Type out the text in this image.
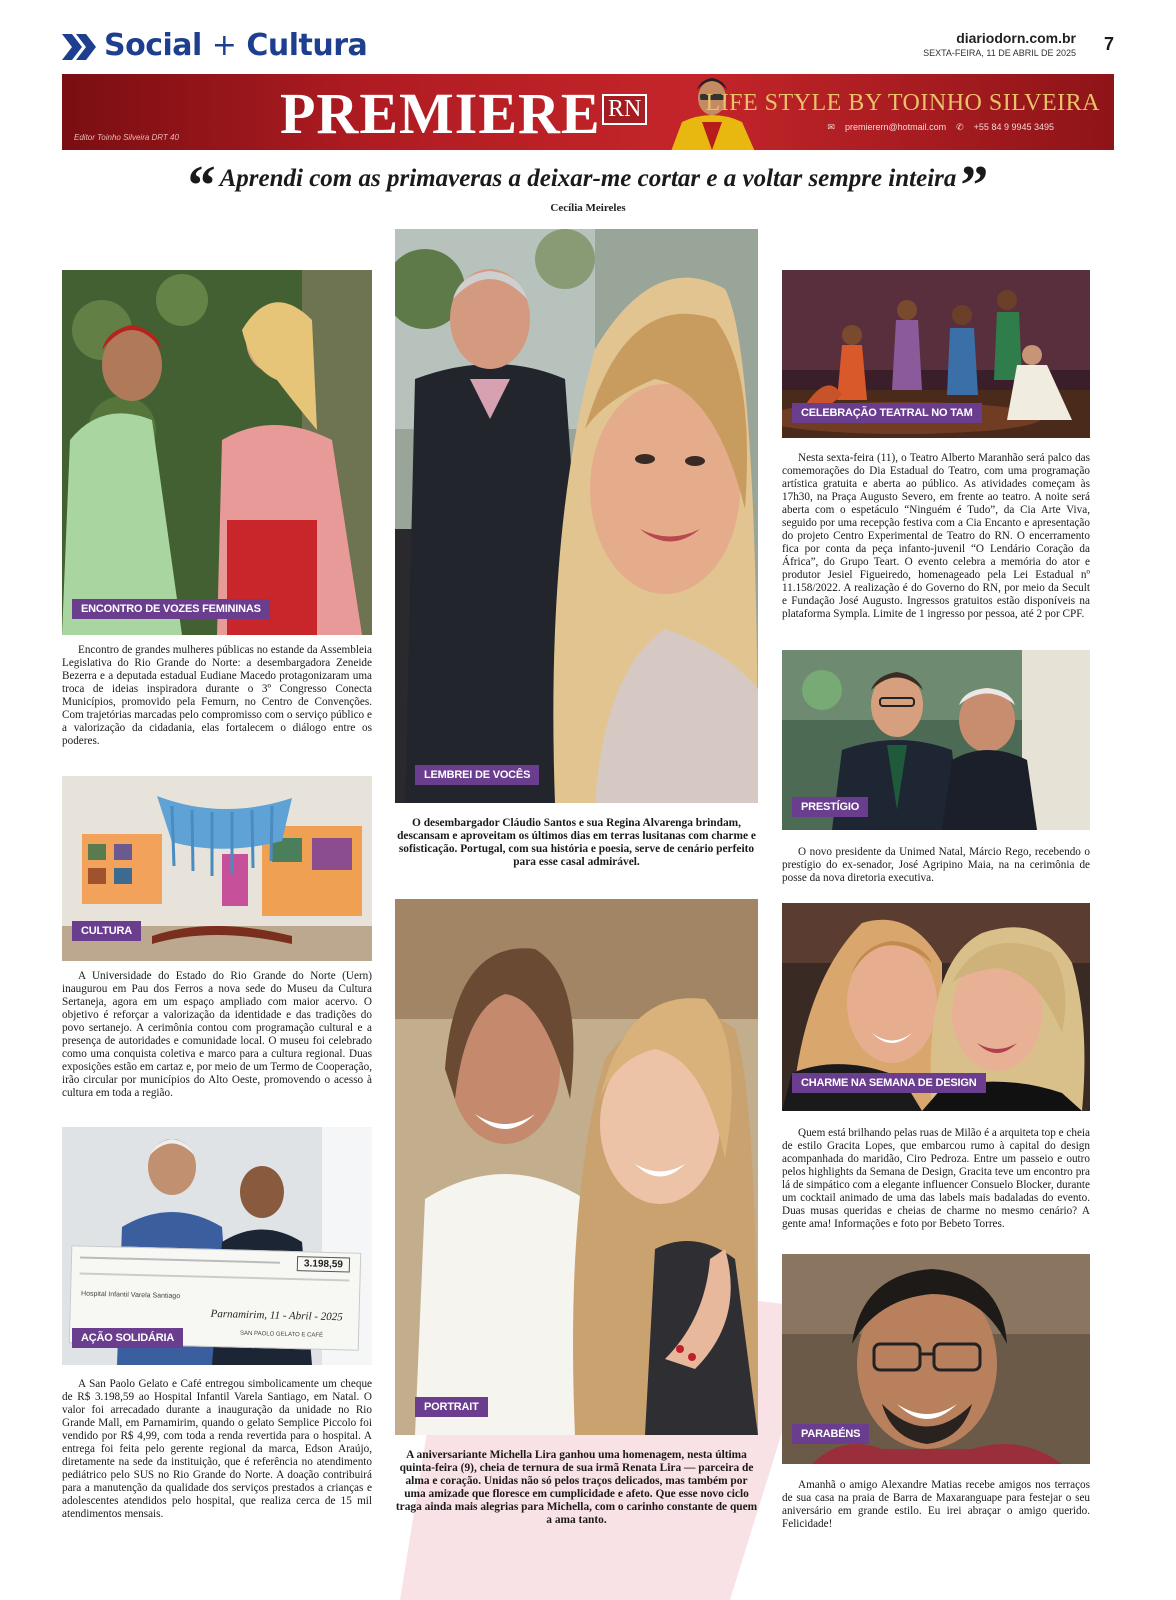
Social + Cultura	diariodorn.com.br
SEXTA-FEIRA, 11 DE ABRIL DE 2025 7
Editor Toinho Silveira DRT 40 PREMIERE RN	LIFE STYLE BY TOINHO SILVEIRA
✉ premierern@hotmail.com ✆ +55 84 9 9945 3495
“ Aprendi com as primaveras a deixar-me cortar e a voltar sempre inteira ”
Cecília Meireles
ENCONTRO DE VOZES FEMININAS
Encontro de grandes mulheres públicas no estande da Assembleia Legislativa do Rio Grande do Norte: a desembargadora Zeneide Bezerra e a deputada estadual Eudiane Macedo protagonizaram uma troca de ideias inspiradora durante o 3º Congresso Conecta Municípios, promovido pela Femurn, no Centro de Convenções. Com trajetórias marcadas pelo compromisso com o serviço público e a valorização da cidadania, elas fortalecem o diálogo entre os poderes.
CULTURA
A Universidade do Estado do Rio Grande do Norte (Uern) inaugurou em Pau dos Ferros a nova sede do Museu da Cultura Sertaneja, agora em um espaço ampliado com maior acervo. O objetivo é reforçar a valorização da identidade e das tradições do povo sertanejo. A cerimônia contou com programação cultural e a presença de autoridades e comunidade local. O museu foi celebrado como uma conquista coletiva e marco para a cultura regional. Duas exposições estão em cartaz e, por meio de um Termo de Cooperação, irão circular por municípios do Alto Oeste, promovendo o acesso à cultura em toda a região.
3.198,59
Hospital Infantil Varela Santiago
Parnamirim, 11 - Abril - 2025
SAN PAOLO GELATO E CAFÉ
AÇÃO SOLIDÁRIA
A San Paolo Gelato e Café entregou simbolicamente um cheque de R$ 3.198,59 ao Hospital Infantil Varela Santiago, em Natal. O valor foi arrecadado durante a inauguração da unidade no Rio Grande Mall, em Parnamirim, quando o gelato Semplice Piccolo foi vendido por R$ 4,99, com toda a renda revertida para o hospital. A entrega foi feita pelo gerente regional da marca, Edson Araújo, diretamente na sede da instituição, que é referência no atendimento pediátrico pelo SUS no Rio Grande do Norte. A doação contribuirá para a manutenção da qualidade dos serviços prestados a crianças e adolescentes atendidos pelo hospital, que realiza cerca de 15 mil atendimentos mensais.
LEMBREI DE VOCÊS
O desembargador Cláudio Santos e sua Regina Alvarenga brindam, descansam e aproveitam os últimos dias em terras lusitanas com charme e sofisticação. Portugal, com sua história e poesia, serve de cenário perfeito para esse casal admirável.
PORTRAIT
A aniversariante Michella Lira ganhou uma homenagem, nesta última quinta-feira (9), cheia de ternura de sua irmã Renata Lira — parceira de alma e coração. Unidas não só pelos traços delicados, mas também por uma amizade que floresce em cumplicidade e afeto. Que esse novo ciclo traga ainda mais alegrias para Michella, com o carinho constante de quem a ama tanto.
CELEBRAÇÃO TEATRAL NO TAM
Nesta sexta-feira (11), o Teatro Alberto Maranhão será palco das comemorações do Dia Estadual do Teatro, com uma programação artística gratuita e aberta ao público. As atividades começam às 17h30, na Praça Augusto Severo, em frente ao teatro. A noite será aberta com o espetáculo “Ninguém é Tudo”, da Cia Arte Viva, seguido por uma recepção festiva com a Cia Encanto e apresentação do projeto Centro Experimental de Teatro do RN. O encerramento fica por conta da peça infanto-juvenil “O Lendário Coração da África”, do Grupo Teart. O evento celebra a memória do ator e produtor Jesiel Figueiredo, homenageado pela Lei Estadual nº 11.158/2022. A realização é do Governo do RN, por meio da Secult e Fundação José Augusto. Ingressos gratuitos estão disponíveis na plataforma Sympla. Limite de 1 ingresso por pessoa, até 2 por CPF.
PRESTÍGIO
O novo presidente da Unimed Natal, Márcio Rego, recebendo o prestígio do ex-senador, José Agripino Maia, na na cerimônia de posse da nova diretoria executiva.
CHARME NA SEMANA DE DESIGN
Quem está brilhando pelas ruas de Milão é a arquiteta top e cheia de estilo Gracita Lopes, que embarcou rumo à capital do design acompanhada do maridão, Ciro Pedroza. Entre um passeio e outro pelos highlights da Semana de Design, Gracita teve um encontro pra lá de simpático com a elegante influencer Consuelo Blocker, durante um cocktail animado de uma das labels mais badaladas do evento. Duas musas queridas e cheias de charme no mesmo cenário? A gente ama! Informações e foto por Bebeto Torres.
PARABÉNS
Amanhã o amigo Alexandre Matias recebe amigos nos terraços de sua casa na praia de Barra de Maxaranguape para festejar o seu aniversário em grande estilo. Eu irei abraçar o amigo querido. Felicidade!
